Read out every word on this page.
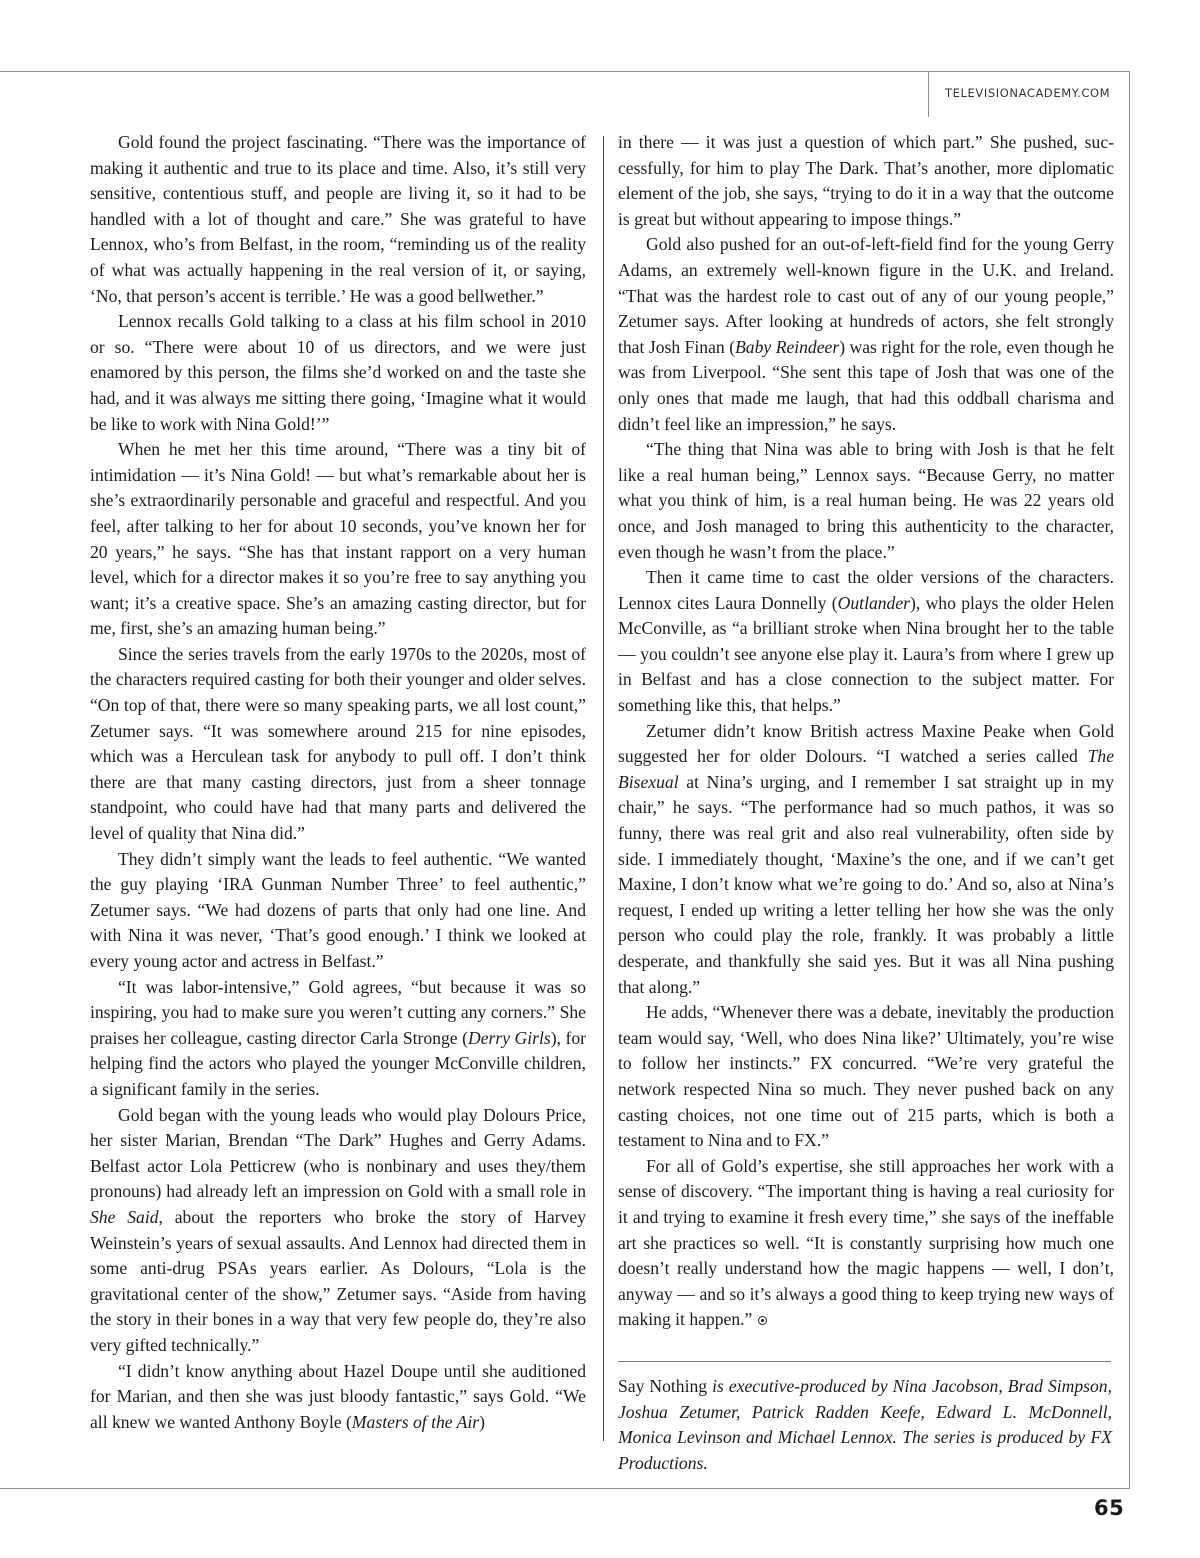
TELEVISIONACADEMY.COM

Gold found the project fascinating. “There was the importance of making it authentic and true to its place and time. Also, it’s still very sensitive, contentious stuff, and people are living it, so it had to be handled with a lot of thought and care.” She was grateful to have Lennox, who’s from Belfast, in the room, “reminding us of the reality of what was actually happening in the real version of it, or saying, ‘No, that person’s accent is terrible.’ He was a good bellwether.”

Lennox recalls Gold talking to a class at his film school in 2010 or so. “There were about 10 of us directors, and we were just enamored by this person, the films she’d worked on and the taste she had, and it was always me sitting there going, ‘Imagine what it would be like to work with Nina Gold!’”

When he met her this time around, “There was a tiny bit of intimidation — it’s Nina Gold! — but what’s remarkable about her is she’s extraordinarily personable and graceful and respectful. And you feel, after talking to her for about 10 seconds, you’ve known her for 20 years,” he says. “She has that instant rapport on a very human level, which for a director makes it so you’re free to say anything you want; it’s a creative space. She’s an amazing casting director, but for me, first, she’s an amazing human being.”

Since the series travels from the early 1970s to the 2020s, most of the characters required casting for both their younger and older selves. “On top of that, there were so many speaking parts, we all lost count,” Zetumer says. “It was somewhere around 215 for nine episodes, which was a Herculean task for anybody to pull off. I don’t think there are that many casting directors, just from a sheer tonnage standpoint, who could have had that many parts and delivered the level of quality that Nina did.”

They didn’t simply want the leads to feel authentic. “We wanted the guy playing ‘IRA Gunman Number Three’ to feel authentic,” Zetumer says. “We had dozens of parts that only had one line. And with Nina it was never, ‘That’s good enough.’ I think we looked at every young actor and actress in Belfast.”

“It was labor-intensive,” Gold agrees, “but because it was so inspiring, you had to make sure you weren’t cutting any corners.” She praises her colleague, casting director Carla Stronge (Derry Girls), for helping find the actors who played the younger McConville children, a significant family in the series.

Gold began with the young leads who would play Dolours Price, her sister Marian, Brendan “The Dark” Hughes and Gerry Adams. Belfast actor Lola Petticrew (who is nonbinary and uses they/them pronouns) had already left an impression on Gold with a small role in She Said, about the reporters who broke the story of Harvey Weinstein’s years of sexual assaults. And Lennox had directed them in some anti-drug PSAs years earlier. As Dolours, “Lola is the gravitational center of the show,” Zetumer says. “Aside from having the story in their bones in a way that very few people do, they’re also very gifted technically.”

“I didn’t know anything about Hazel Doupe until she auditioned for Marian, and then she was just bloody fantastic,” says Gold. “We all knew we wanted Anthony Boyle (Masters of the Air)

in there — it was just a question of which part.” She pushed, successfully, for him to play The Dark. That’s another, more diplomatic element of the job, she says, “trying to do it in a way that the outcome is great but without appearing to impose things.”

Gold also pushed for an out-of-left-field find for the young Gerry Adams, an extremely well-known figure in the U.K. and Ireland. “That was the hardest role to cast out of any of our young people,” Zetumer says. After looking at hundreds of actors, she felt strongly that Josh Finan (Baby Reindeer) was right for the role, even though he was from Liverpool. “She sent this tape of Josh that was one of the only ones that made me laugh, that had this oddball charisma and didn’t feel like an impression,” he says.

“The thing that Nina was able to bring with Josh is that he felt like a real human being,” Lennox says. “Because Gerry, no matter what you think of him, is a real human being. He was 22 years old once, and Josh managed to bring this authenticity to the character, even though he wasn’t from the place.”

Then it came time to cast the older versions of the characters. Lennox cites Laura Donnelly (Outlander), who plays the older Helen McConville, as “a brilliant stroke when Nina brought her to the table — you couldn’t see anyone else play it. Laura’s from where I grew up in Belfast and has a close connection to the subject matter. For something like this, that helps.”

Zetumer didn’t know British actress Maxine Peake when Gold suggested her for older Dolours. “I watched a series called The Bisexual at Nina’s urging, and I remember I sat straight up in my chair,” he says. “The performance had so much pathos, it was so funny, there was real grit and also real vulnerability, often side by side. I immediately thought, ‘Maxine’s the one, and if we can’t get Maxine, I don’t know what we’re going to do.’ And so, also at Nina’s request, I ended up writing a letter telling her how she was the only person who could play the role, frankly. It was probably a little desperate, and thankfully she said yes. But it was all Nina pushing that along.”

He adds, “Whenever there was a debate, inevitably the production team would say, ‘Well, who does Nina like?’ Ultimately, you’re wise to follow her instincts.” FX concurred. “We’re very grateful the network respected Nina so much. They never pushed back on any casting choices, not one time out of 215 parts, which is both a testament to Nina and to FX.”

For all of Gold’s expertise, she still approaches her work with a sense of discovery. “The important thing is having a real curiosity for it and trying to examine it fresh every time,” she says of the ineffable art she practices so well. “It is constantly surprising how much one doesn’t really understand how the magic happens — well, I don’t, anyway — and so it’s always a good thing to keep trying new ways of making it happen.”

Say Nothing is executive-produced by Nina Jacobson, Brad Simpson, Joshua Zetumer, Patrick Radden Keefe, Edward L. McDonnell, Monica Levinson and Michael Lennox. The series is produced by FX Productions.
65
